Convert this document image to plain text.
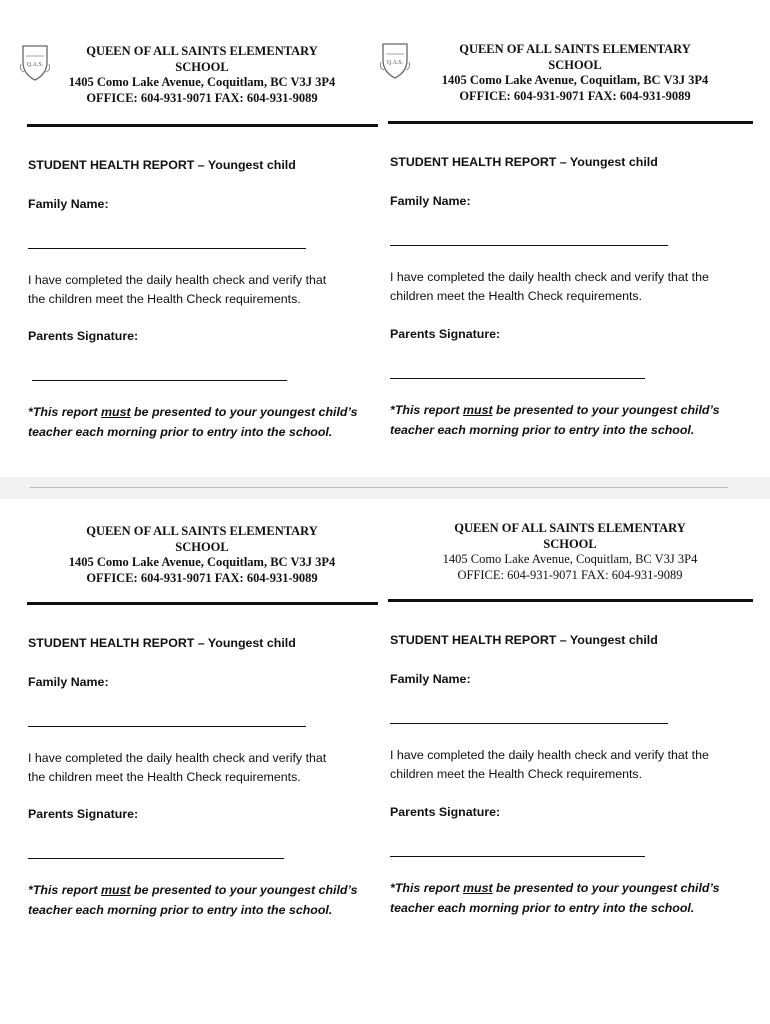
Q.A.S.
QUEEN OF ALL SAINTS ELEMENTARY
SCHOOL
1405 Como Lake Avenue, Coquitlam, BC V3J 3P4
OFFICE: 604-931-9071 FAX: 604-931-9089
STUDENT HEALTH REPORT – Youngest child
Family Name:
I have completed the daily health check and verify that
the children meet the Health Check requirements.
Parents Signature:
*This report must be presented to your youngest child’s
teacher each morning prior to entry into the school.
Q.A.S.
QUEEN OF ALL SAINTS ELEMENTARY
SCHOOL
1405 Como Lake Avenue, Coquitlam, BC V3J 3P4
OFFICE: 604-931-9071 FAX: 604-931-9089
STUDENT HEALTH REPORT – Youngest child
Family Name:
I have completed the daily health check and verify that the
children meet the Health Check requirements.
Parents Signature:
*This report must be presented to your youngest child’s
teacher each morning prior to entry into the school.
QUEEN OF ALL SAINTS ELEMENTARY
SCHOOL
1405 Como Lake Avenue, Coquitlam, BC V3J 3P4
OFFICE: 604-931-9071 FAX: 604-931-9089
STUDENT HEALTH REPORT – Youngest child
Family Name:
I have completed the daily health check and verify that
the children meet the Health Check requirements.
Parents Signature:
*This report must be presented to your youngest child’s
teacher each morning prior to entry into the school.
QUEEN OF ALL SAINTS ELEMENTARY
SCHOOL
1405 Como Lake Avenue, Coquitlam, BC V3J 3P4
OFFICE: 604-931-9071 FAX: 604-931-9089
STUDENT HEALTH REPORT – Youngest child
Family Name:
I have completed the daily health check and verify that the
children meet the Health Check requirements.
Parents Signature:
*This report must be presented to your youngest child’s
teacher each morning prior to entry into the school.
